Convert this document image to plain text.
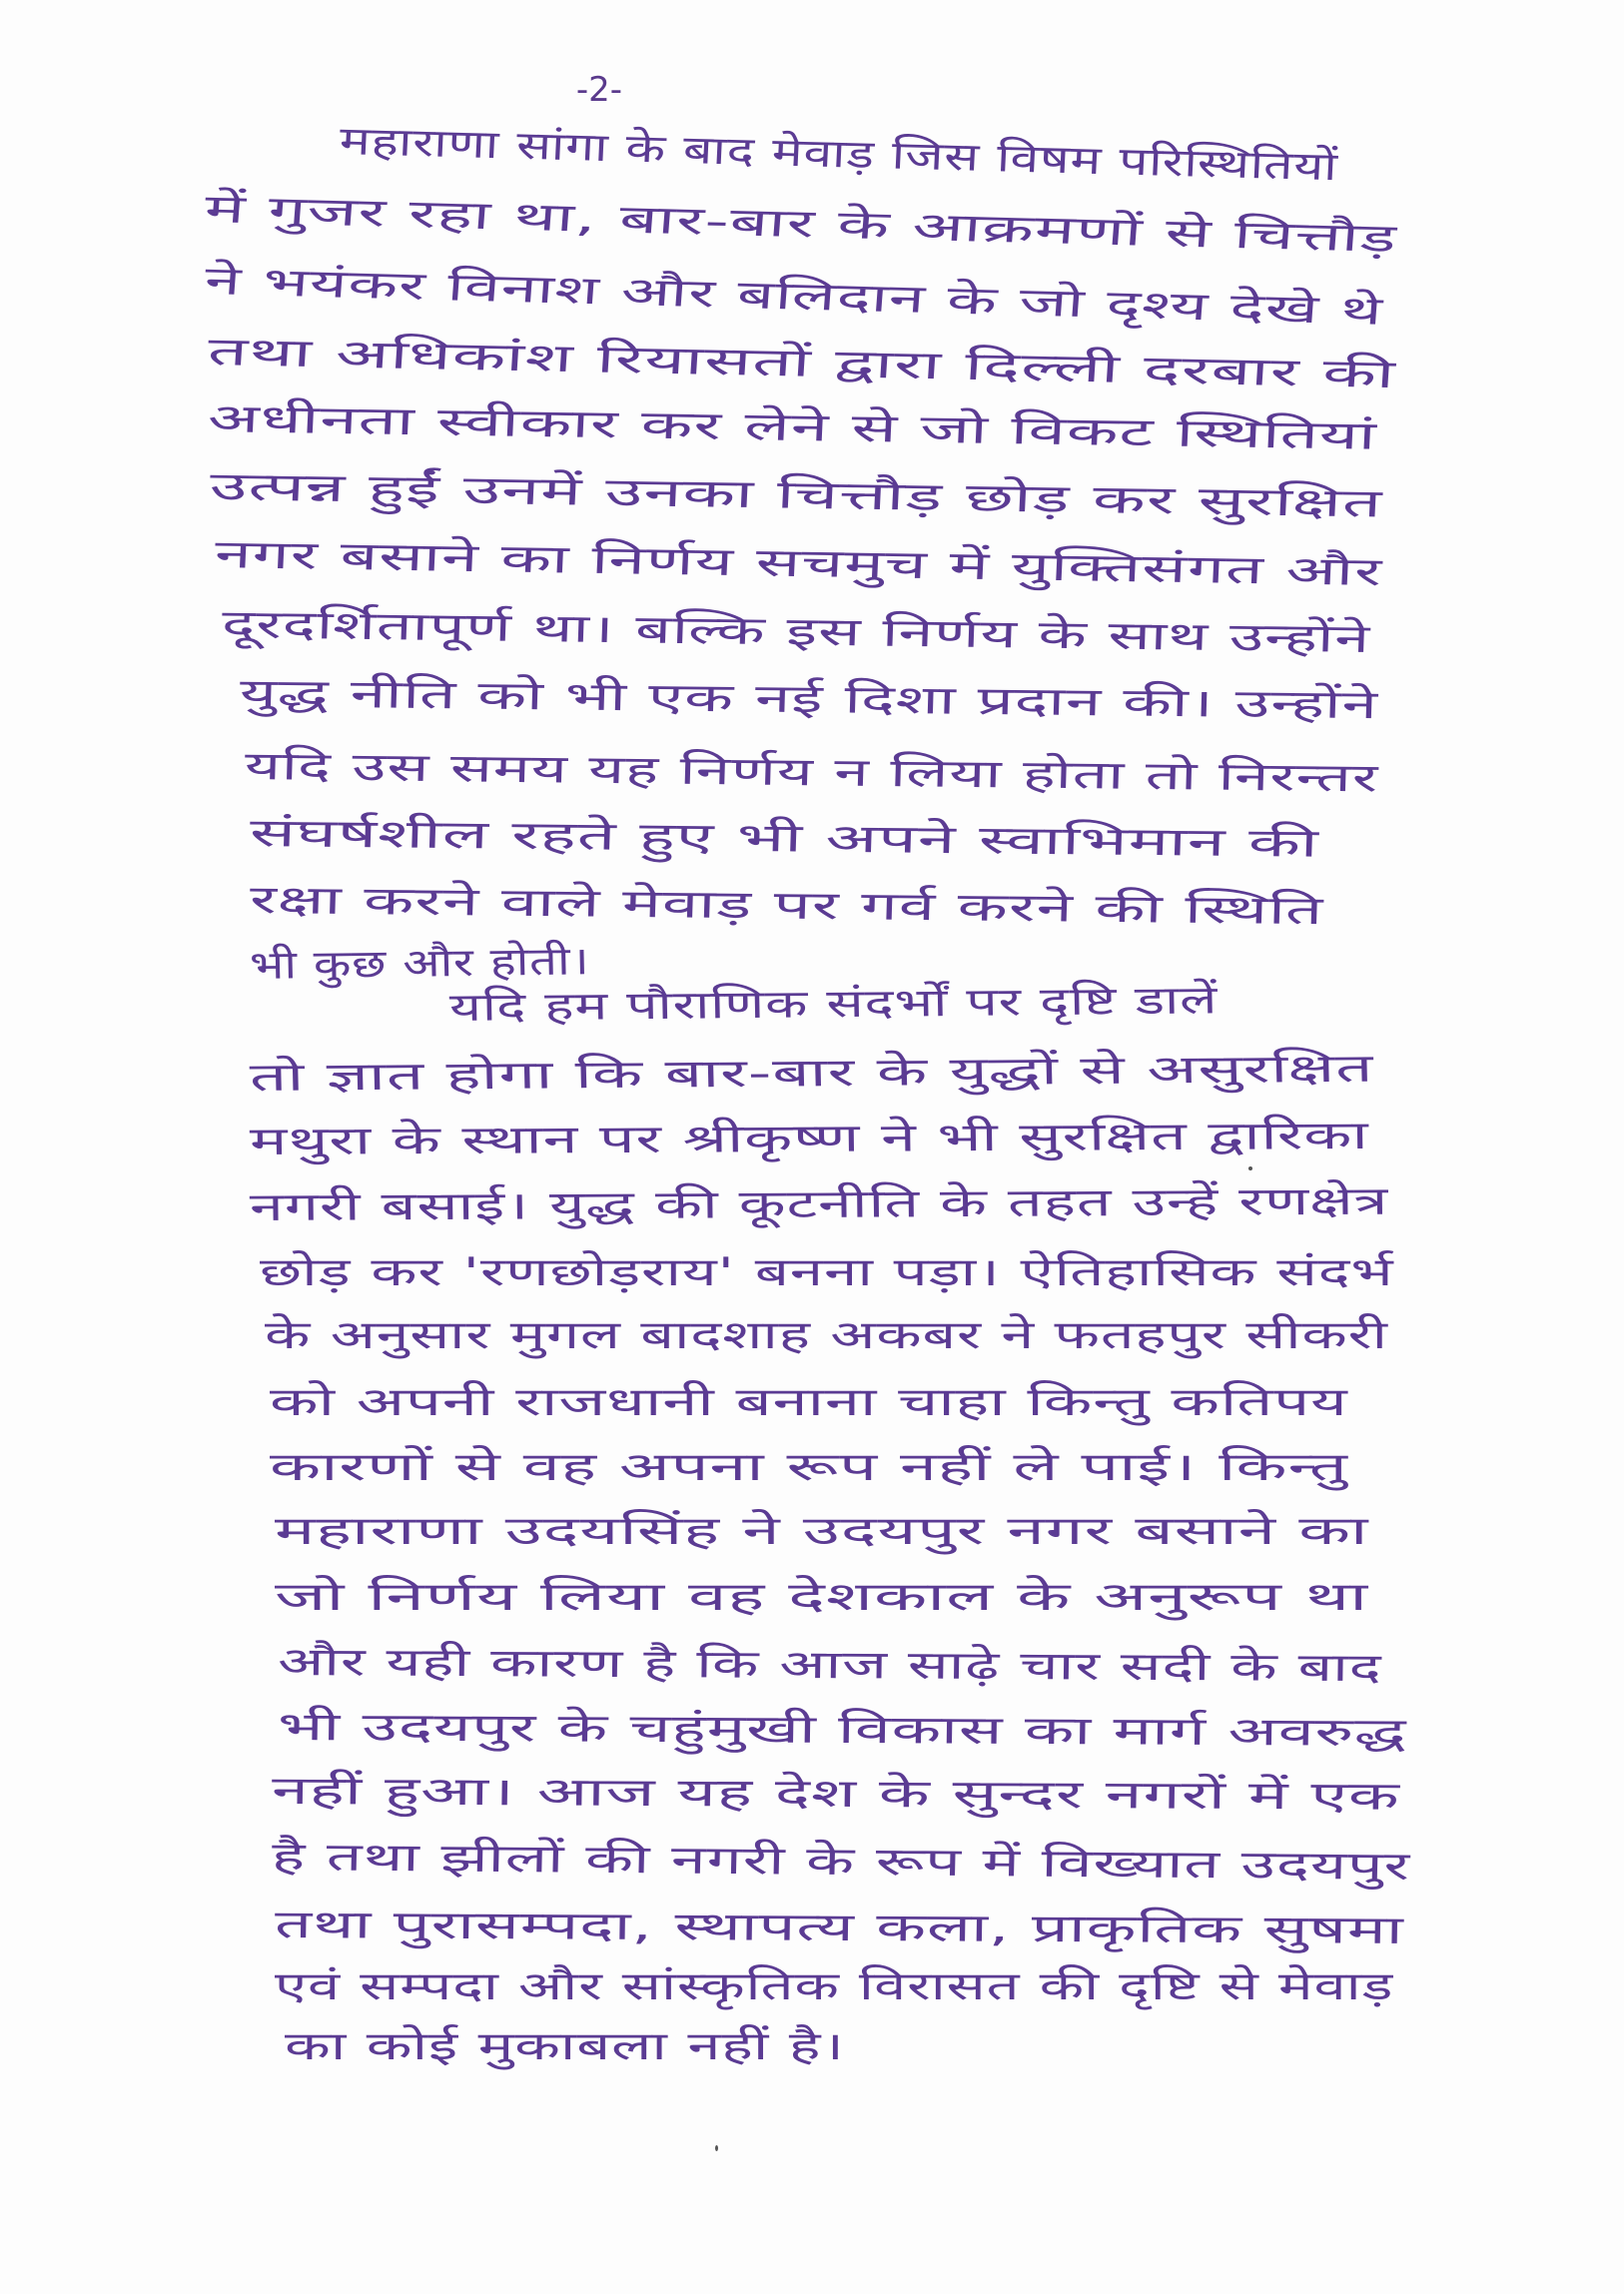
-2-
महाराणा सांगा के बाद मेवाड़ जिस विषम परिस्थितियों
में गुजर रहा था, बार-बार के आक्रमणों से चित्तौड़
ने भयंकर विनाश और बलिदान के जो दृश्य देखे थे
तथा अधिकांश रियासतों द्वारा दिल्ली दरबार की
अधीनता स्वीकार कर लेने से जो विकट स्थितियां
उत्पन्न हुईं उनमें उनका चित्तौड़ छोड़ कर सुरक्षित
नगर बसाने का निर्णय सचमुच में युक्तिसंगत और
दूरदर्शितापूर्ण था। बल्कि इस निर्णय के साथ उन्होंने
युद्ध नीति को भी एक नई दिशा प्रदान की। उन्होंने
यदि उस समय यह निर्णय न लिया होता तो निरन्तर
संघर्षशील रहते हुए भी अपने स्वाभिमान की
रक्षा करने वाले मेवाड़ पर गर्व करने की स्थिति
भी कुछ और होती।
यदि हम पौराणिक संदर्भों पर दृष्टि डालें
तो ज्ञात होगा कि बार-बार के युद्धों से असुरक्षित
मथुरा के स्थान पर श्रीकृष्ण ने भी सुरक्षित द्वारिका
नगरी बसाई। युद्ध की कूटनीति के तहत उन्हें रणक्षेत्र
छोड़ कर 'रणछोड़राय' बनना पड़ा। ऐतिहासिक संदर्भ
के अनुसार मुगल बादशाह अकबर ने फतहपुर सीकरी
को अपनी राजधानी बनाना चाहा किन्तु कतिपय
कारणों से वह अपना रूप नहीं ले पाई। किन्तु
महाराणा उदयसिंह ने उदयपुर नगर बसाने का
जो निर्णय लिया वह देशकाल के अनुरूप था
और यही कारण है कि आज साढ़े चार सदी के बाद
भी उदयपुर के चहुंमुखी विकास का मार्ग अवरुद्ध
नहीं हुआ। आज यह देश के सुन्दर नगरों में एक
है तथा झीलों की नगरी के रूप में विख्यात उदयपुर
तथा पुरासम्पदा, स्थापत्य कला, प्राकृतिक सुषमा
एवं सम्पदा और सांस्कृतिक विरासत की दृष्टि से मेवाड़
का कोई मुकाबला नहीं है।
